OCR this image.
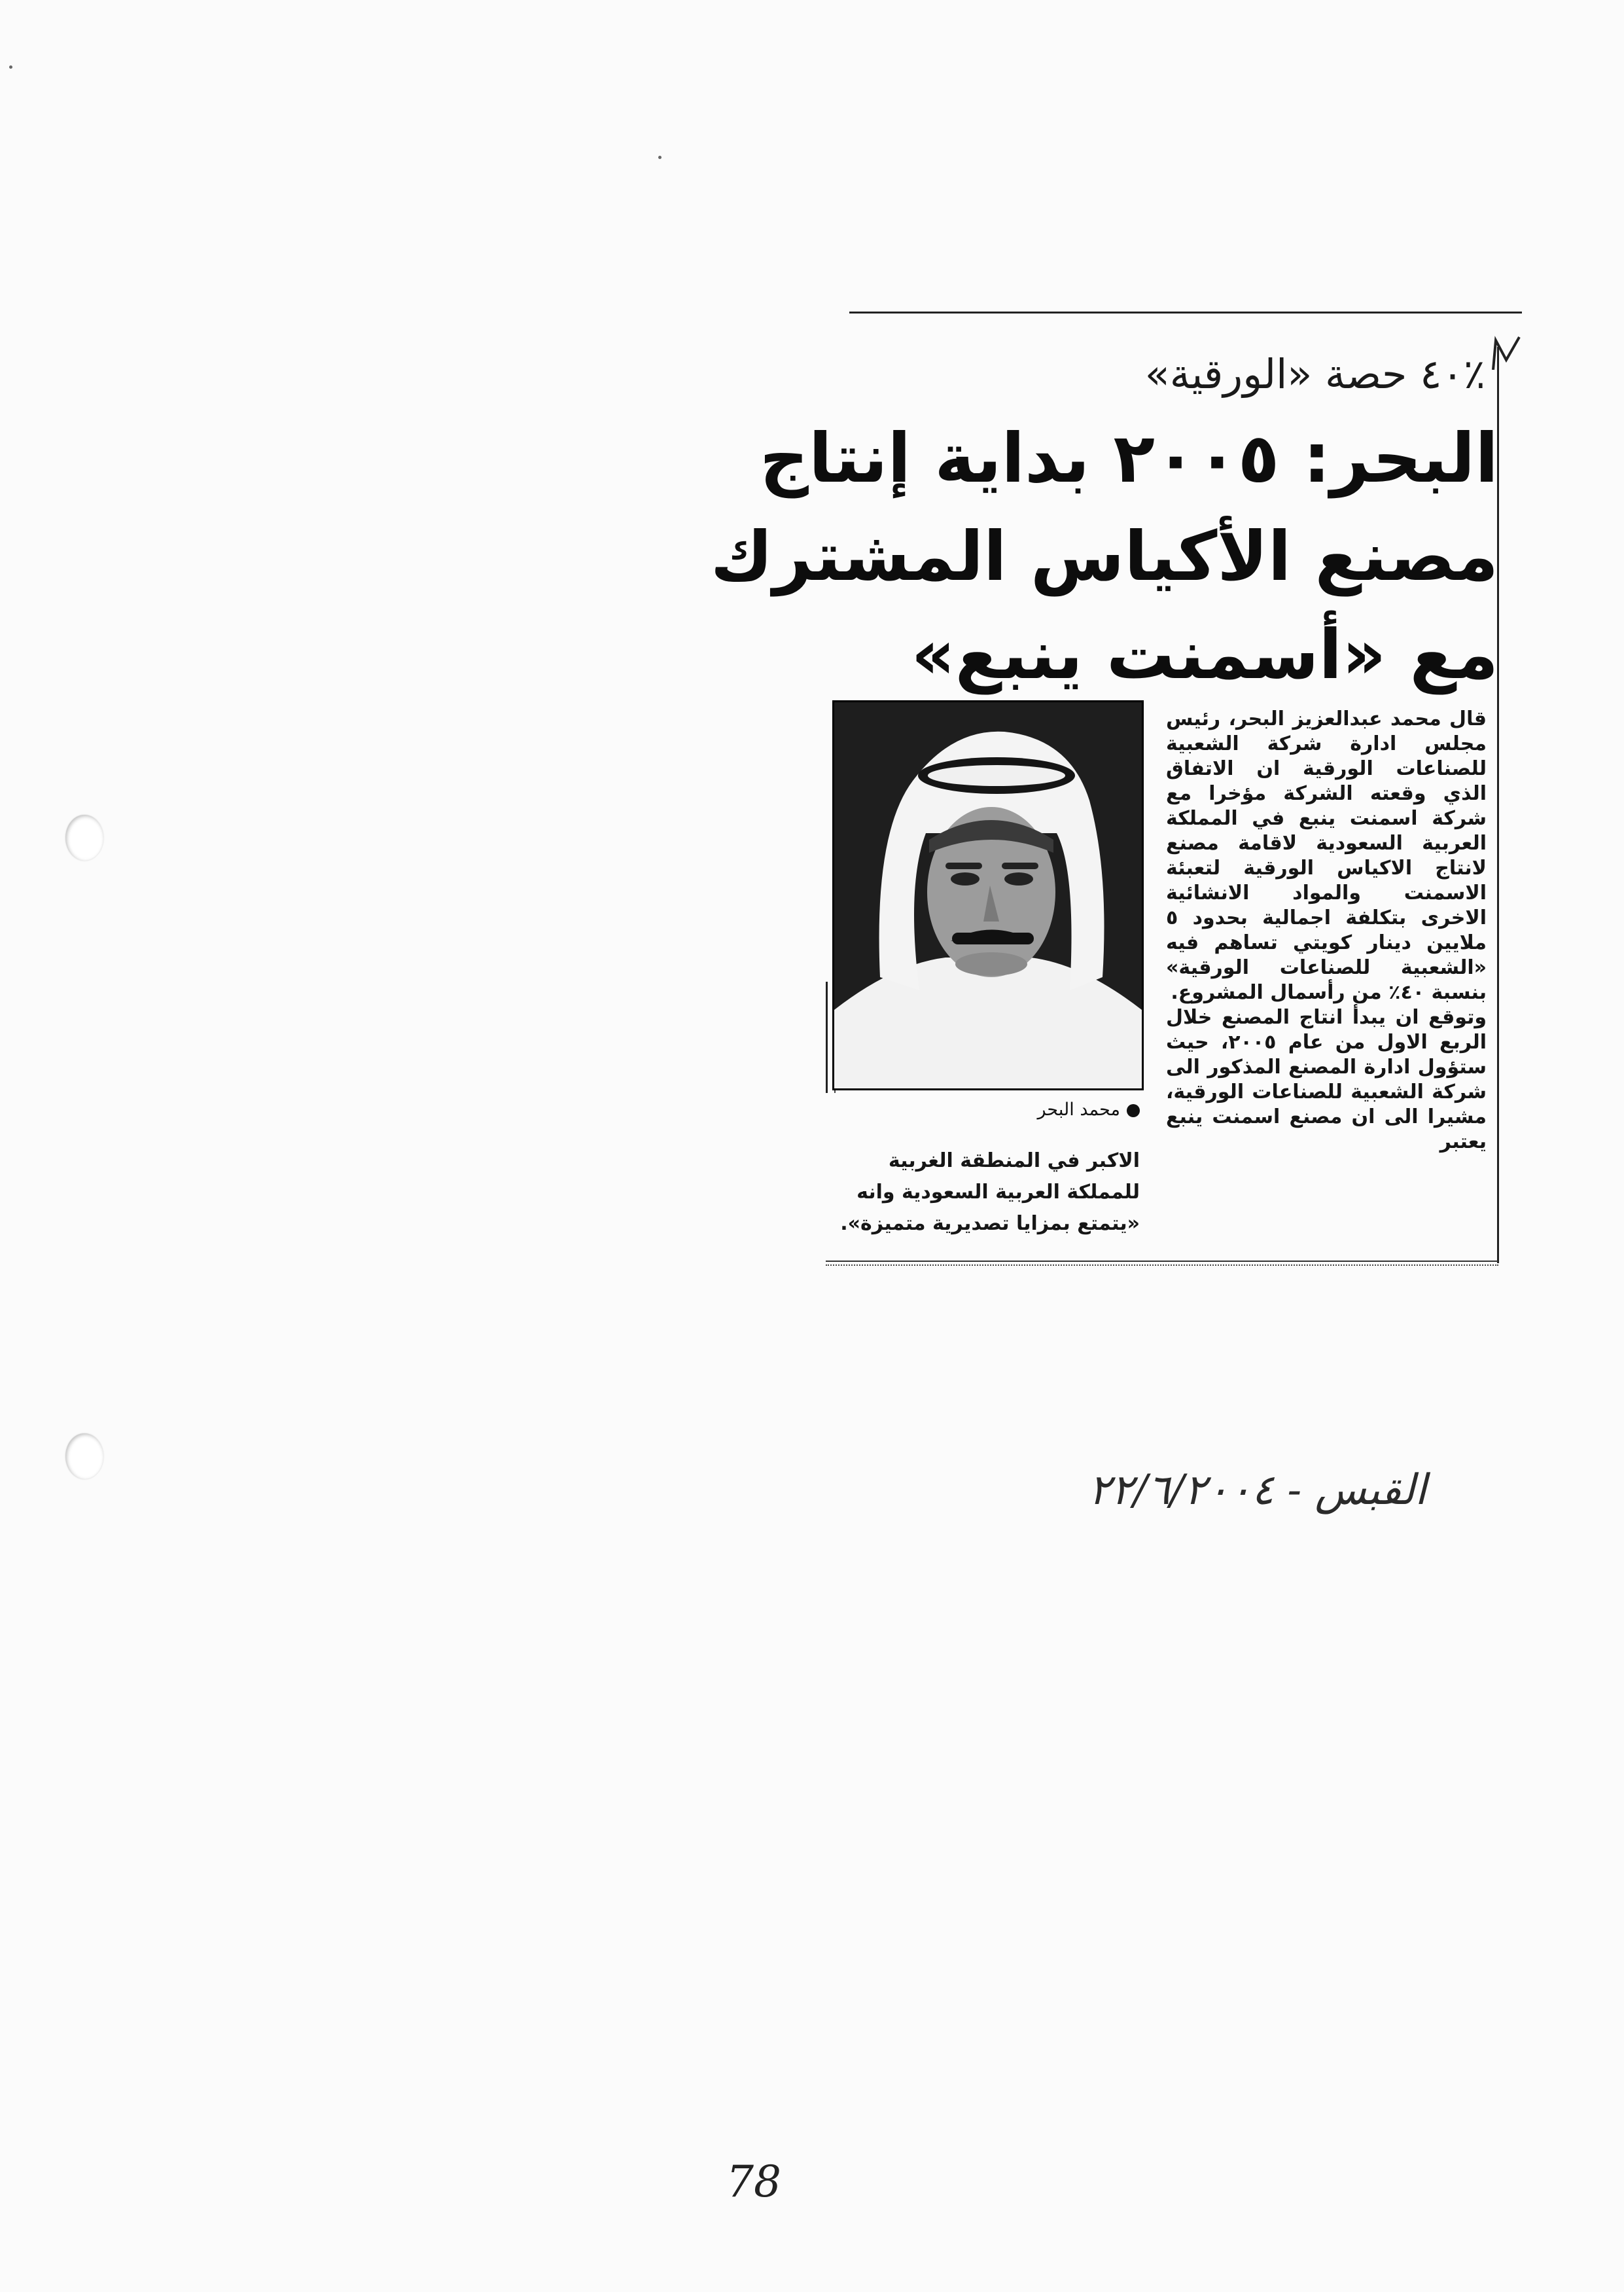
٪٤٠ حصة «الورقية»
البحر: ٢٠٠٥ بداية إنتاج
مصنع الأكياس المشترك
مع «أسمنت ينبع»
محمد البحر
الاكبر في المنطقة الغربية للمملكة العربية السعودية وانه «يتمتع بمزايا تصديرية متميزة».

قال محمد عبدالعزيز البحر، رئيس مجلس ادارة شركة الشعبية للصناعات الورقية ان الاتفاق الذي وقعته الشركة مؤخرا مع شركة اسمنت ينبع في المملكة العربية السعودية لاقامة مصنع لانتاج الاكياس الورقية لتعبئة الاسمنت والمواد الانشائية الاخرى بتكلفة اجمالية بحدود ٥ ملايين دينار كويتي تساهم فيه «الشعبية للصناعات الورقية» بنسبة ٤٠٪ من رأسمال المشروع.

وتوقع ان يبدأ انتاج المصنع خلال الربع الاول من عام ٢٠٠٥، حيث ستؤول ادارة المصنع المذكور الى شركة الشعبية للصناعات الورقية، مشيرا الى ان مصنع اسمنت ينبع يعتبر

القبس - ٢٢/٦/٢٠٠٤
78
